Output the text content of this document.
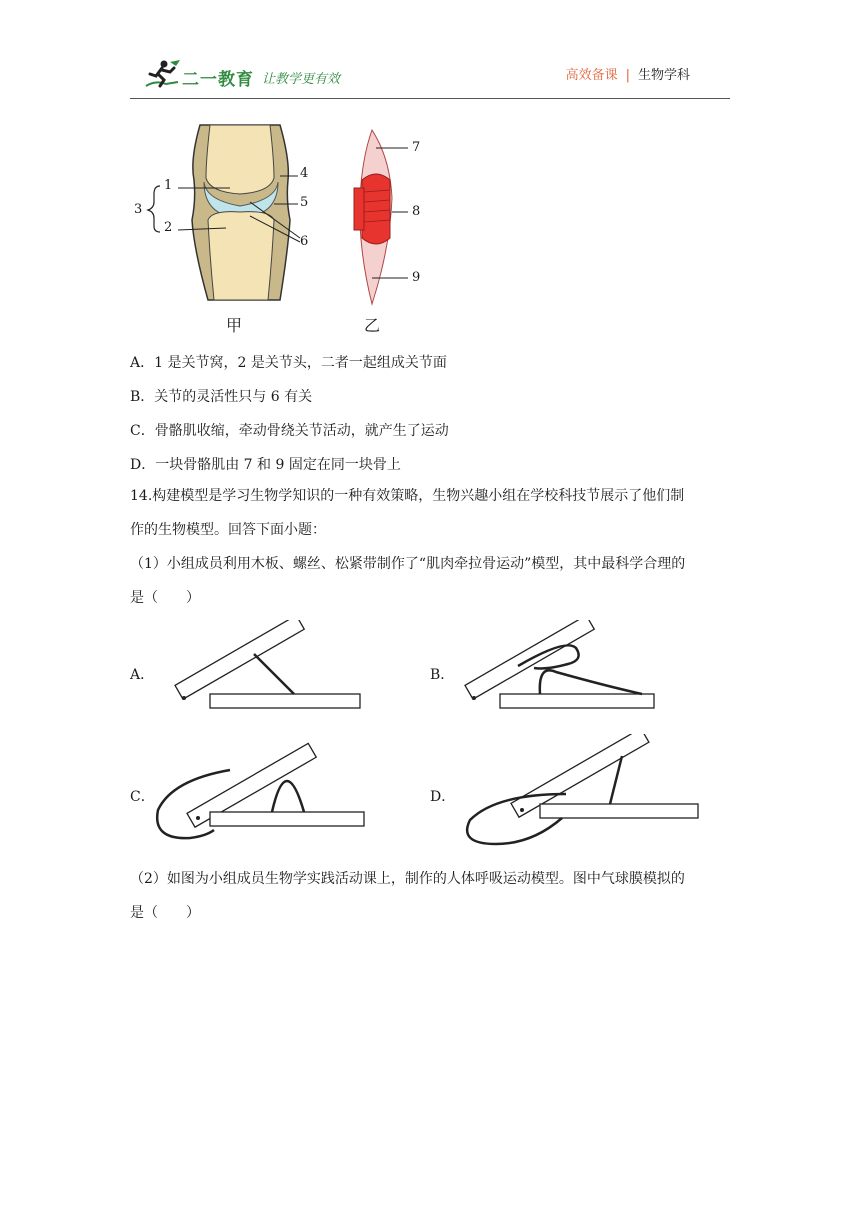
二一教育 让教学更有效	高效备课 | 生物学科
1
2
3
4
5
6
7
8
9
甲	乙
A．1 是关节窝，2 是关节头，二者一起组成关节面
B．关节的灵活性只与 6 有关
C．骨骼肌收缩，牵动骨绕关节活动，就产生了运动
D．一块骨骼肌由 7 和 9 固定在同一块骨上
14.构建模型是学习生物学知识的一种有效策略，生物兴趣小组在学校科技节展示了他们制
作的生物模型。回答下面小题：
（1）小组成员利用木板、螺丝、松紧带制作了“肌肉牵拉骨运动”模型，其中最科学合理的
是（　　）
A．	B．
C．	D．
（2）如图为小组成员生物学实践活动课上，制作的人体呼吸运动模型。图中气球膜模拟的
是（　　）
